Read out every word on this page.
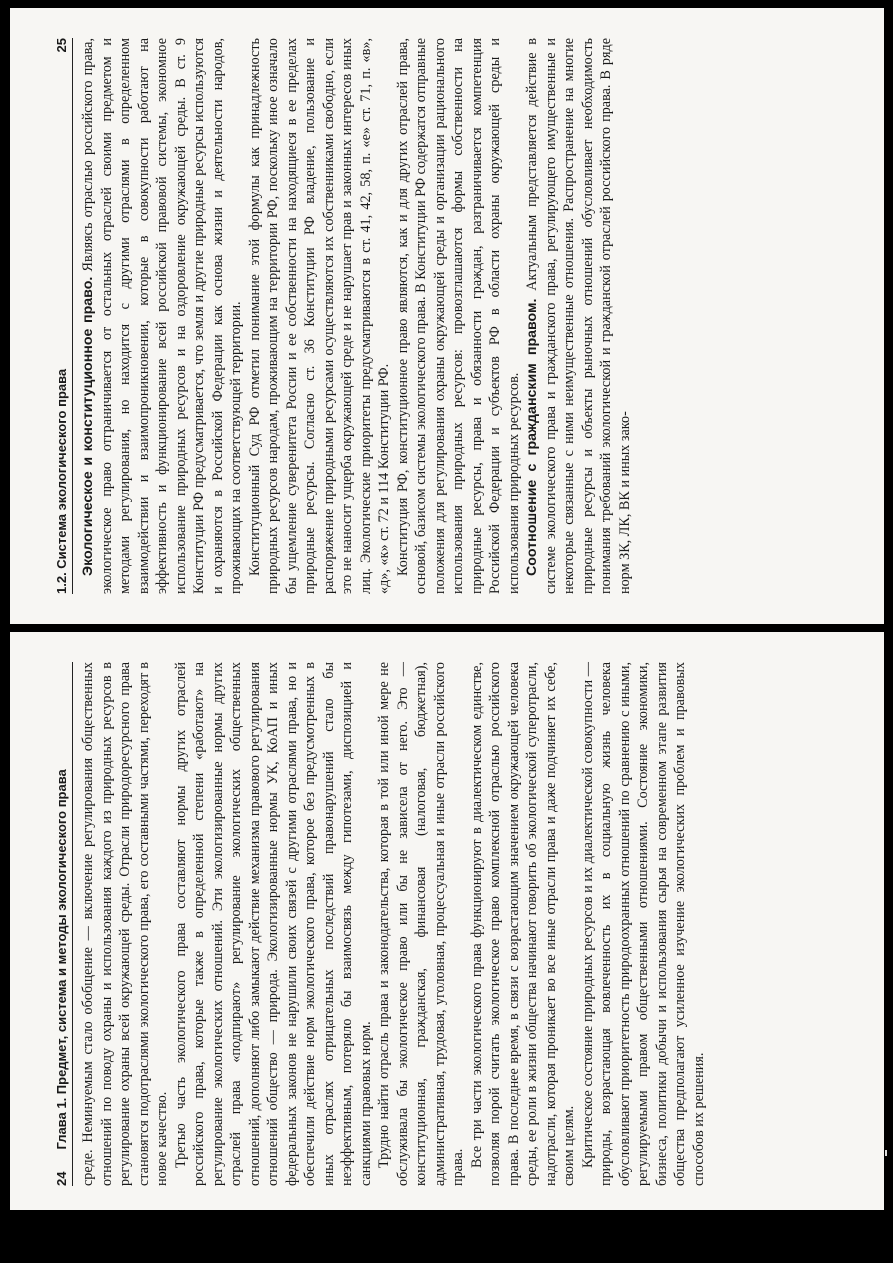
1.2. Система экологического права
25

Экологическое и конституционное право. Являясь отраслью российского права, экологическое право отграничивается от остальных отраслей своими предметом и методами регулирования, но находится с другими отраслями в определенном взаимодействии и взаимопроникновении, которые в совокупности работают на эффективность и функционирование всей российской правовой системы, экономное использование природных ресурсов и на оздоровление окружающей среды. В ст. 9 Конституции РФ предусматривается, что земля и другие природные ресурсы используются и охраняются в Российской Федерации как основа жизни и деятельности народов, проживающих на соответствующей территории. Конституционный Суд РФ отметил понимание этой формулы как принадлежность природных ресурсов народам, проживающим на территории РФ, поскольку иное означало бы ущемление суверенитета России и ее собственности на находящиеся в ее пределах природные ресурсы. Согласно ст. 36 Конституции РФ владение, пользование и распоряжение природными ресурсами осуществляются их собственниками свободно, если это не наносит ущерба окружающей среде и не нарушает прав и законных интересов иных лиц. Экологические приоритеты предусматриваются в ст. 41, 42, 58, п. «е» ст. 71, п. «в», «д», «к» ст. 72 и 114 Конституции РФ. Конституция РФ, конституционное право являются, как и для других отраслей права, основой, базисом системы экологического права. В Конституции РФ содержатся отправные положения для регулирования охраны окружающей среды и организации рационального использования природных ресурсов: провозглашаются формы собственности на природные ресурсы, права и обязанности граждан, разграничивается компетенция Российской Федерации и субъектов РФ в области охраны окружающей среды и использования природных ресурсов. Соотношение с гражданским правом. Актуальным представляется действие в системе экологического права и гражданского права, регулирующего имущественные и некоторые связанные с ними неимущественные отношения. Распространение на многие природные ресурсы и объекты рыночных отношений обусловливает необходимость понимания требований экологической и гражданской отраслей российского права. В ряде норм ЗК, ЛК, ВК и иных зако-

24
Глава 1. Предмет, система и методы экологического права среде. Неминуемым стало обобщение — включение регулирования общественных отношений по поводу охраны и использования каждого из природных ресурсов в регулирование охраны всей окружающей среды. Отрасли природоресурсного права становятся подотраслями экологического права, его составными частями, переходят в новое качество. Третью часть экологического права составляют нормы других отраслей российского права, которые также в определенной степени «работают» на регулирование экологических отношений. Эти экологизированные нормы других отраслей права «подпирают» регулирование экологических общественных отношений, дополняют либо замыкают действие механизма правового регулирования отношений общество — природа. Экологизированные нормы УК, КоАП и иных федеральных законов не нарушили своих связей с другими отраслями права, но и обеспечили действие норм экологического права, которое без предусмотренных в иных отраслях отрицательных последствий правонарушений стало бы неэффективным, потеряло бы взаимосвязь между гипотезами, диспозицией и санкциями правовых норм. Трудно найти отрасль права и законодательства, которая в той или иной мере не обслуживала бы экологическое право или бы не зависела от него. Это — конституционная, гражданская, финансовая (налоговая, бюджетная), административная, трудовая, уголовная, процессуальная и иные отрасли российского права. Все три части экологического права функционируют в диалектическом единстве, позволяя порой считать экологическое право комплексной отраслью российского права. В последнее время, в связи с возрастающим значением окружающей человека среды, ее роли в жизни общества начинают говорить об экологической суперотрасли, надотрасли, которая проникает во все иные отрасли права и даже подчиняет их себе, своим целям. Критическое состояние природных ресурсов и их диалектической совокупности — природы, возрастающая вовлеченность их в социальную жизнь человека обусловливают приоритетность природоохранных отношений по сравнению с иными, регулируемыми правом общественными отношениями. Состояние экономики, бизнеса, политики добычи и использования сырья на современном этапе развития общества предполагают усиленное изучение экологических проблем и правовых способов их решения.
